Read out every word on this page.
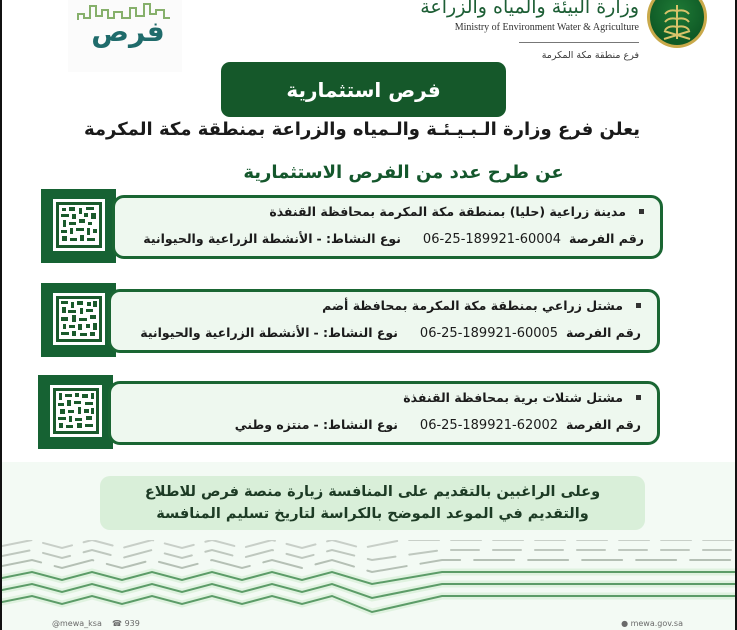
وزارة البيئة والمياه والزراعة
Ministry of Environment Water & Agriculture
فرع منطقة مكة المكرمة
فرص
فرص استثمارية
يعلن فرع وزارة الـبـيـئـة والـمياه والزراعة بمنطقة مكة المكرمة
عن طرح عدد من الفرص الاستثمارية
مدينة زراعية (حليا) بمنطقة مكة المكرمة بمحافظة القنفذة
رقم الفرصة 06-25-189921-60004 نوع النشاط: - الأنشطة الزراعية والحيوانية
مشتل زراعي بمنطقة مكة المكرمة بمحافظة أضم
رقم الفرصة 06-25-189921-60005 نوع النشاط: - الأنشطة الزراعية والحيوانية
مشتل شتلات برية بمحافظة القنفذة
رقم الفرصة 06-25-189921-62002 نوع النشاط: - منتزه وطني
وعلى الراغبين بالتقديم على المنافسة زيارة منصة فرص للاطلاع
والتقديم في الموعد الموضح بالكراسة لتاريخ تسليم المنافسة
@mewa_ksa ☎ 939	● mewa.gov.sa
